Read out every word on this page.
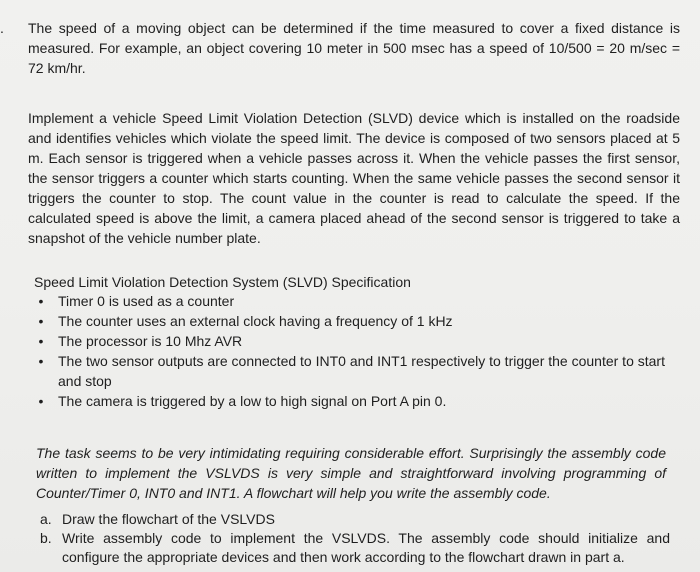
. The speed of a moving object can be determined if the time measured to cover a fixed distance is measured. For example, an object covering 10 meter in 500 msec has a speed of 10/500 = 20 m/sec = 72 km/hr.

Implement a vehicle Speed Limit Violation Detection (SLVD) device which is installed on the roadside and identifies vehicles which violate the speed limit. The device is composed of two sensors placed at 5 m. Each sensor is triggered when a vehicle passes across it. When the vehicle passes the first sensor, the sensor triggers a counter which starts counting. When the same vehicle passes the second sensor it triggers the counter to stop. The count value in the counter is read to calculate the speed. If the calculated speed is above the limit, a camera placed ahead of the second sensor is triggered to take a snapshot of the vehicle number plate.

Speed Limit Violation Detection System (SLVD) Specification
•	Timer 0 is used as a counter
•	The counter uses an external clock having a frequency of 1 kHz
•	The processor is 10 Mhz AVR
•	The two sensor outputs are connected to INT0 and INT1 respectively to trigger the counter to start and stop
•	The camera is triggered by a low to high signal on Port A pin 0.

The task seems to be very intimidating requiring considerable effort. Surprisingly the assembly code written to implement the VSLVDS is very simple and straightforward involving programming of Counter/Timer 0, INT0 and INT1. A flowchart will help you write the assembly code.

a. Draw the flowchart of the VSLVDS
b. Write assembly code to implement the VSLVDS. The assembly code should initialize and configure the appropriate devices and then work according to the flowchart drawn in part a.
